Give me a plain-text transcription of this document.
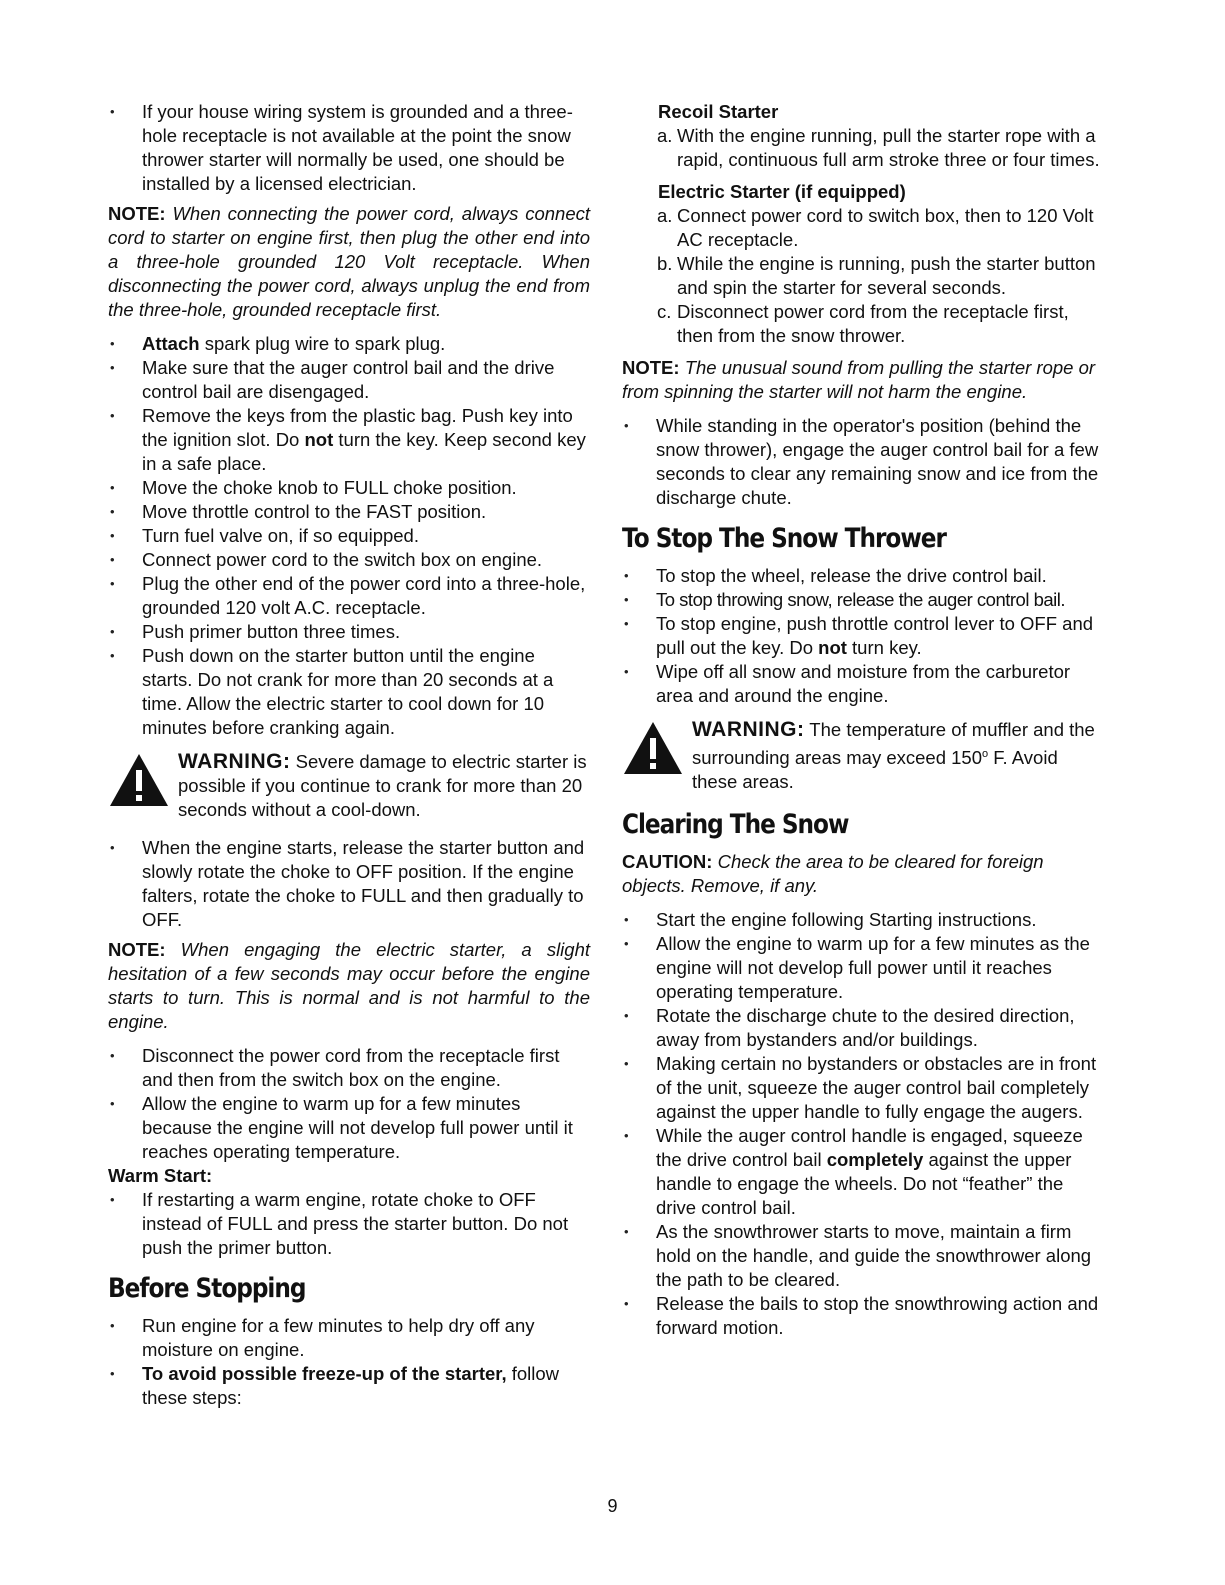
• If your house wiring system is grounded and a three-hole receptacle is not available at the point the snow thrower starter will normally be used, one should be installed by a licensed electrician.

NOTE: When connecting the power cord, always connect cord to starter on engine first, then plug the other end into a three-hole grounded 120 Volt receptacle. When disconnecting the power cord, always unplug the end from the three-hole, grounded receptacle first.

• Attach spark plug wire to spark plug.
• Make sure that the auger control bail and the drive control bail are disengaged.
• Remove the keys from the plastic bag. Push key into the ignition slot. Do not turn the key. Keep second key in a safe place.
• Move the choke knob to FULL choke position.
• Move throttle control to the FAST position.
• Turn fuel valve on, if so equipped.
• Connect power cord to the switch box on engine.
• Plug the other end of the power cord into a three-hole, grounded 120 volt A.C. receptacle.
• Push primer button three times.
• Push down on the starter button until the engine starts. Do not crank for more than 20 seconds at a time. Allow the electric starter to cool down for 10 minutes before cranking again.
WARNING: Severe damage to electric starter is possible if you continue to crank for more than 20 seconds without a cool-down.
• When the engine starts, release the starter button and slowly rotate the choke to OFF position. If the engine falters, rotate the choke to FULL and then gradually to OFF.

NOTE: When engaging the electric starter, a slight hesitation of a few seconds may occur before the engine starts to turn. This is normal and is not harmful to the engine.

• Disconnect the power cord from the receptacle first and then from the switch box on the engine.
• Allow the engine to warm up for a few minutes because the engine will not develop full power until it reaches operating temperature.

Warm Start:

• If restarting a warm engine, rotate choke to OFF instead of FULL and press the starter button. Do not push the primer button.
Before Stopping
• Run engine for a few minutes to help dry off any moisture on engine.
• To avoid possible freeze-up of the starter, follow these steps:

Recoil Starter

a. With the engine running, pull the starter rope with a rapid, continuous full arm stroke three or four times.

Electric Starter (if equipped)

a. Connect power cord to switch box, then to 120 Volt AC receptacle.
b. While the engine is running, push the starter button and spin the starter for several seconds.
c. Disconnect power cord from the receptacle first, then from the snow thrower.

NOTE: The unusual sound from pulling the starter rope or from spinning the starter will not harm the engine.

• While standing in the operator's position (behind the snow thrower), engage the auger control bail for a few seconds to clear any remaining snow and ice from the discharge chute.
To Stop The Snow Thrower
• To stop the wheel, release the drive control bail.
• To stop throwing snow, release the auger control bail.
• To stop engine, push throttle control lever to OFF and pull out the key. Do not turn key.
• Wipe off all snow and moisture from the carburetor area and around the engine.
WARNING: The temperature of muffler and the surrounding areas may exceed 150$^o$ F. Avoid these areas.
Clearing The Snow

CAUTION: Check the area to be cleared for foreign objects. Remove, if any.

• Start the engine following Starting instructions.
• Allow the engine to warm up for a few minutes as the engine will not develop full power until it reaches operating temperature.
• Rotate the discharge chute to the desired direction, away from bystanders and/or buildings.
• Making certain no bystanders or obstacles are in front of the unit, squeeze the auger control bail completely against the upper handle to fully engage the augers.
• While the auger control handle is engaged, squeeze the drive control bail completely against the upper handle to engage the wheels. Do not “feather” the drive control bail.
• As the snowthrower starts to move, maintain a firm hold on the handle, and guide the snowthrower along the path to be cleared.
• Release the bails to stop the snowthrowing action and forward motion.
9
